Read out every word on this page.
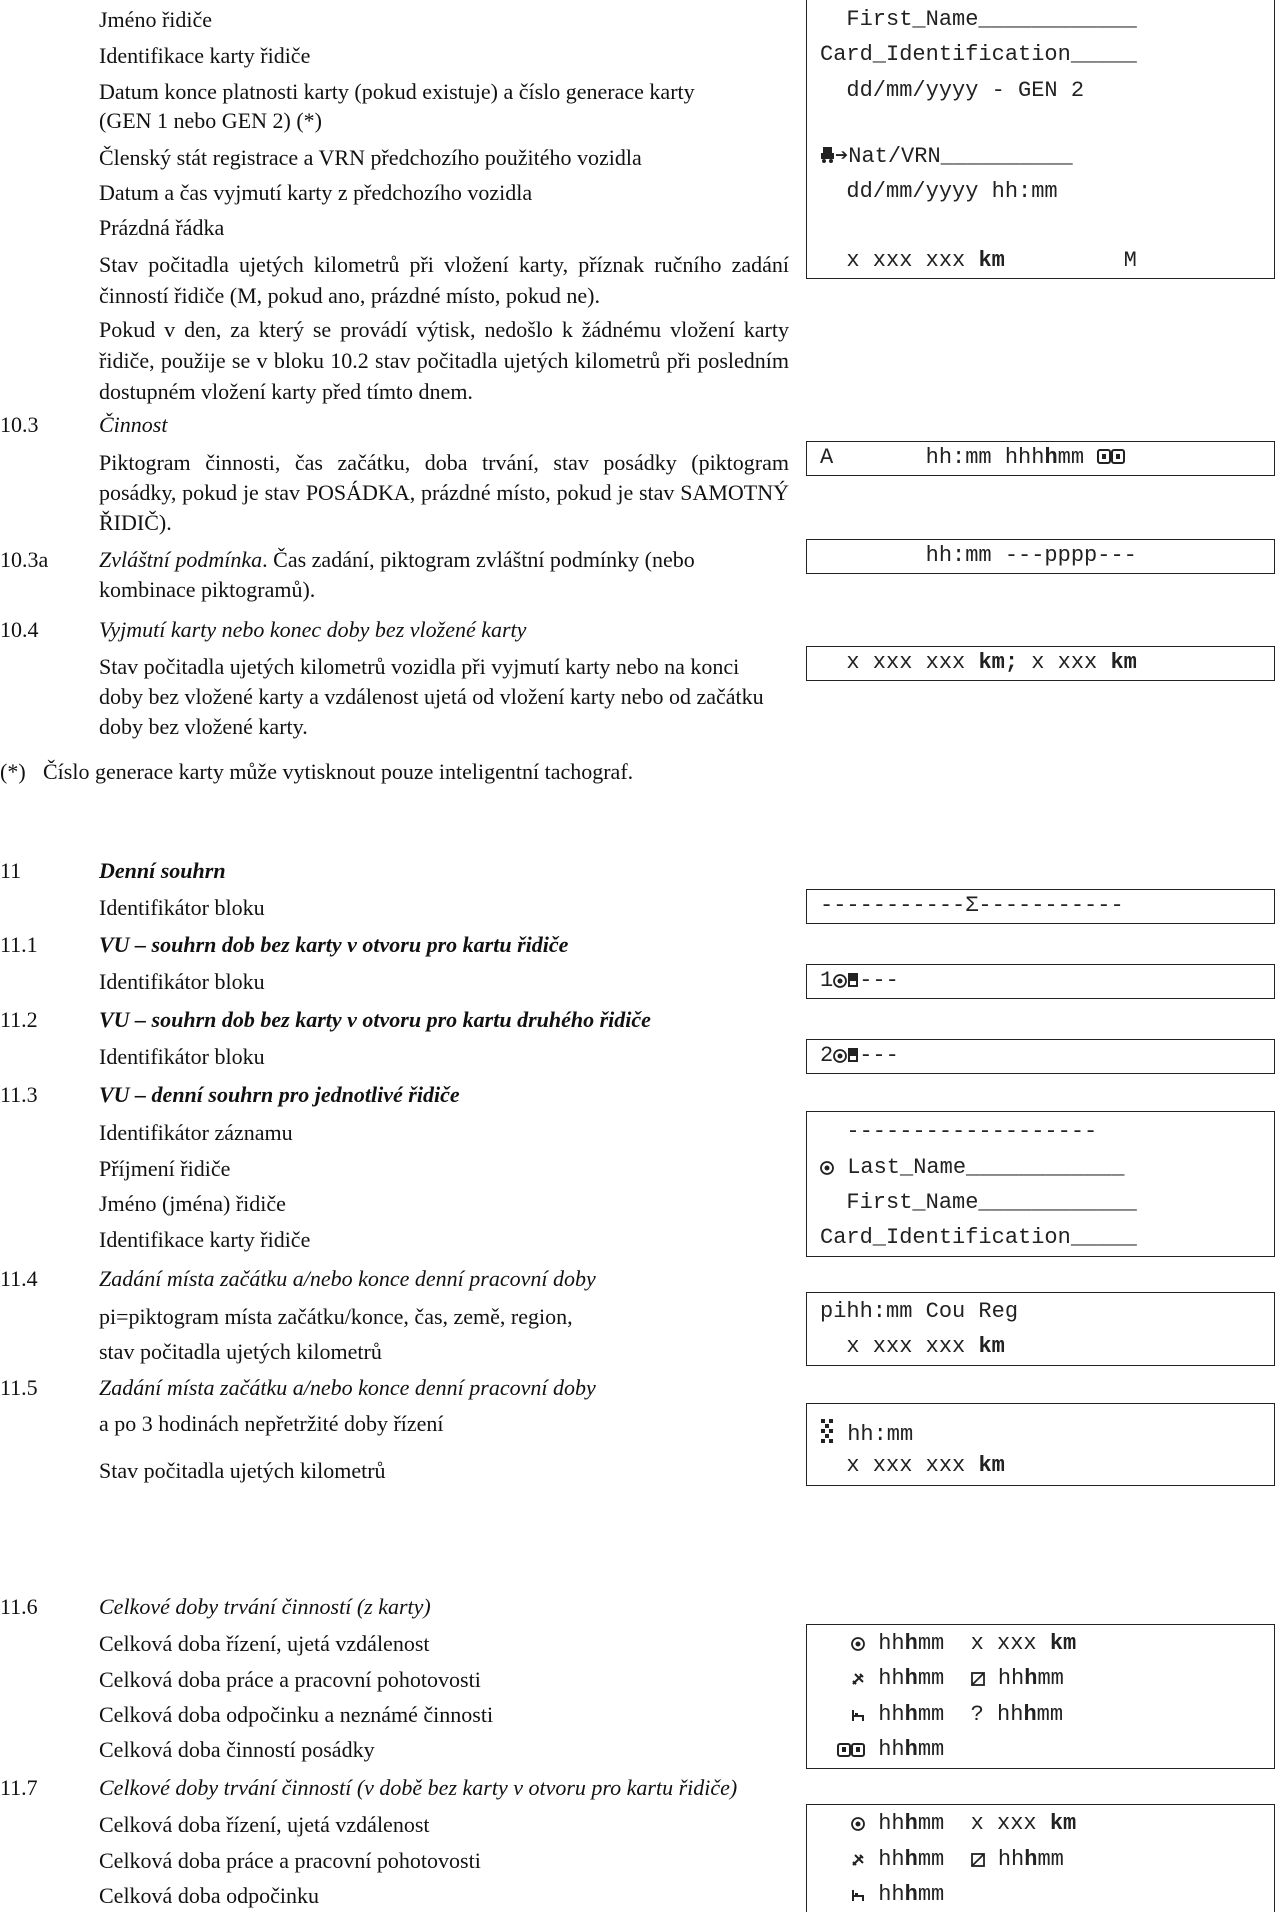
Jméno řidiče
Identifikace karty řidiče
Datum konce platnosti karty (pokud existuje) a číslo generace karty
(GEN 1 nebo GEN 2) (*)
Členský stát registrace a VRN předchozího použitého vozidla
Datum a čas vyjmutí karty z předchozího vozidla
Prázdná řádka
Stav počitadla ujetých kilometrů při vložení karty, příznak ručního zadání činností řidiče (M, pokud ano, prázdné místo, pokud ne).
Pokud v den, za který se provádí výtisk, nedošlo k žádnému vložení karty řidiče, použije se v bloku 10.2 stav počitadla ujetých kilometrů při posledním dostupném vložení karty před tímto dnem.
First_Name____________
Card_Identification_____
dd/mm/yyyy - GEN 2
➔Nat/VRN__________
dd/mm/yyyy hh:mm
x xxx xxx km         M
10.3	Činnost
Piktogram činnosti, čas začátku, doba trvání, stav posádky (piktogram posádky, pokud je stav POSÁDKA, prázdné místo, pokud je stav SAMOTNÝ ŘIDIČ).
A       hh:mm hhhhmm
10.3a Zvláštní podmínka. Čas zadání, piktogram zvláštní podmínky (nebo kombinace piktogramů).
hh:mm ---pppp---
10.4	Vyjmutí karty nebo konec doby bez vložené karty
Stav počitadla ujetých kilometrů vozidla při vyjmutí karty nebo na konci doby bez vložené karty a vzdálenost ujetá od vložení karty nebo od začátku doby bez vložené karty.
x xxx xxx km; x xxx km
(*) Číslo generace karty může vytisknout pouze inteligentní tachograf.
11	Denní souhrn
Identifikátor bloku	-----------Σ-----------
11.1	VU – souhrn dob bez karty v otvoru pro kartu řidiče
Identifikátor bloku	1 ---
11.2	VU – souhrn dob bez karty v otvoru pro kartu druhého řidiče
Identifikátor bloku	2 ---
11.3	VU – denní souhrn pro jednotlivé řidiče
Identifikátor záznamu
Příjmení řidiče
Jméno (jména) řidiče
Identifikace karty řidiče
-------------------
Last_Name____________
First_Name____________
Card_Identification_____
11.4	Zadání místa začátku a/nebo konce denní pracovní doby
pi=piktogram místa začátku/konce, čas, země, region,
stav počitadla ujetých kilometrů
pihh:mm Cou Reg
x xxx xxx km
11.5	Zadání místa začátku a/nebo konce denní pracovní doby
a po 3 hodinách nepřetržité doby řízení
Stav počitadla ujetých kilometrů
hh:mm
x xxx xxx km
11.6	Celkové doby trvání činností (z karty)
Celková doba řízení, ujetá vzdálenost
Celková doba práce a pracovní pohotovosti
Celková doba odpočinku a neznámé činnosti
Celková doba činností posádky
hhhmm x xxx km
hhhmm hhhmm
hhhmm ? hhhmm
hhhmm
11.7	Celkové doby trvání činností (v době bez karty v otvoru pro kartu řidiče)
Celková doba řízení, ujetá vzdálenost
Celková doba práce a pracovní pohotovosti
Celková doba odpočinku
hhhmm x xxx km
hhhmm hhhmm
hhhmm
